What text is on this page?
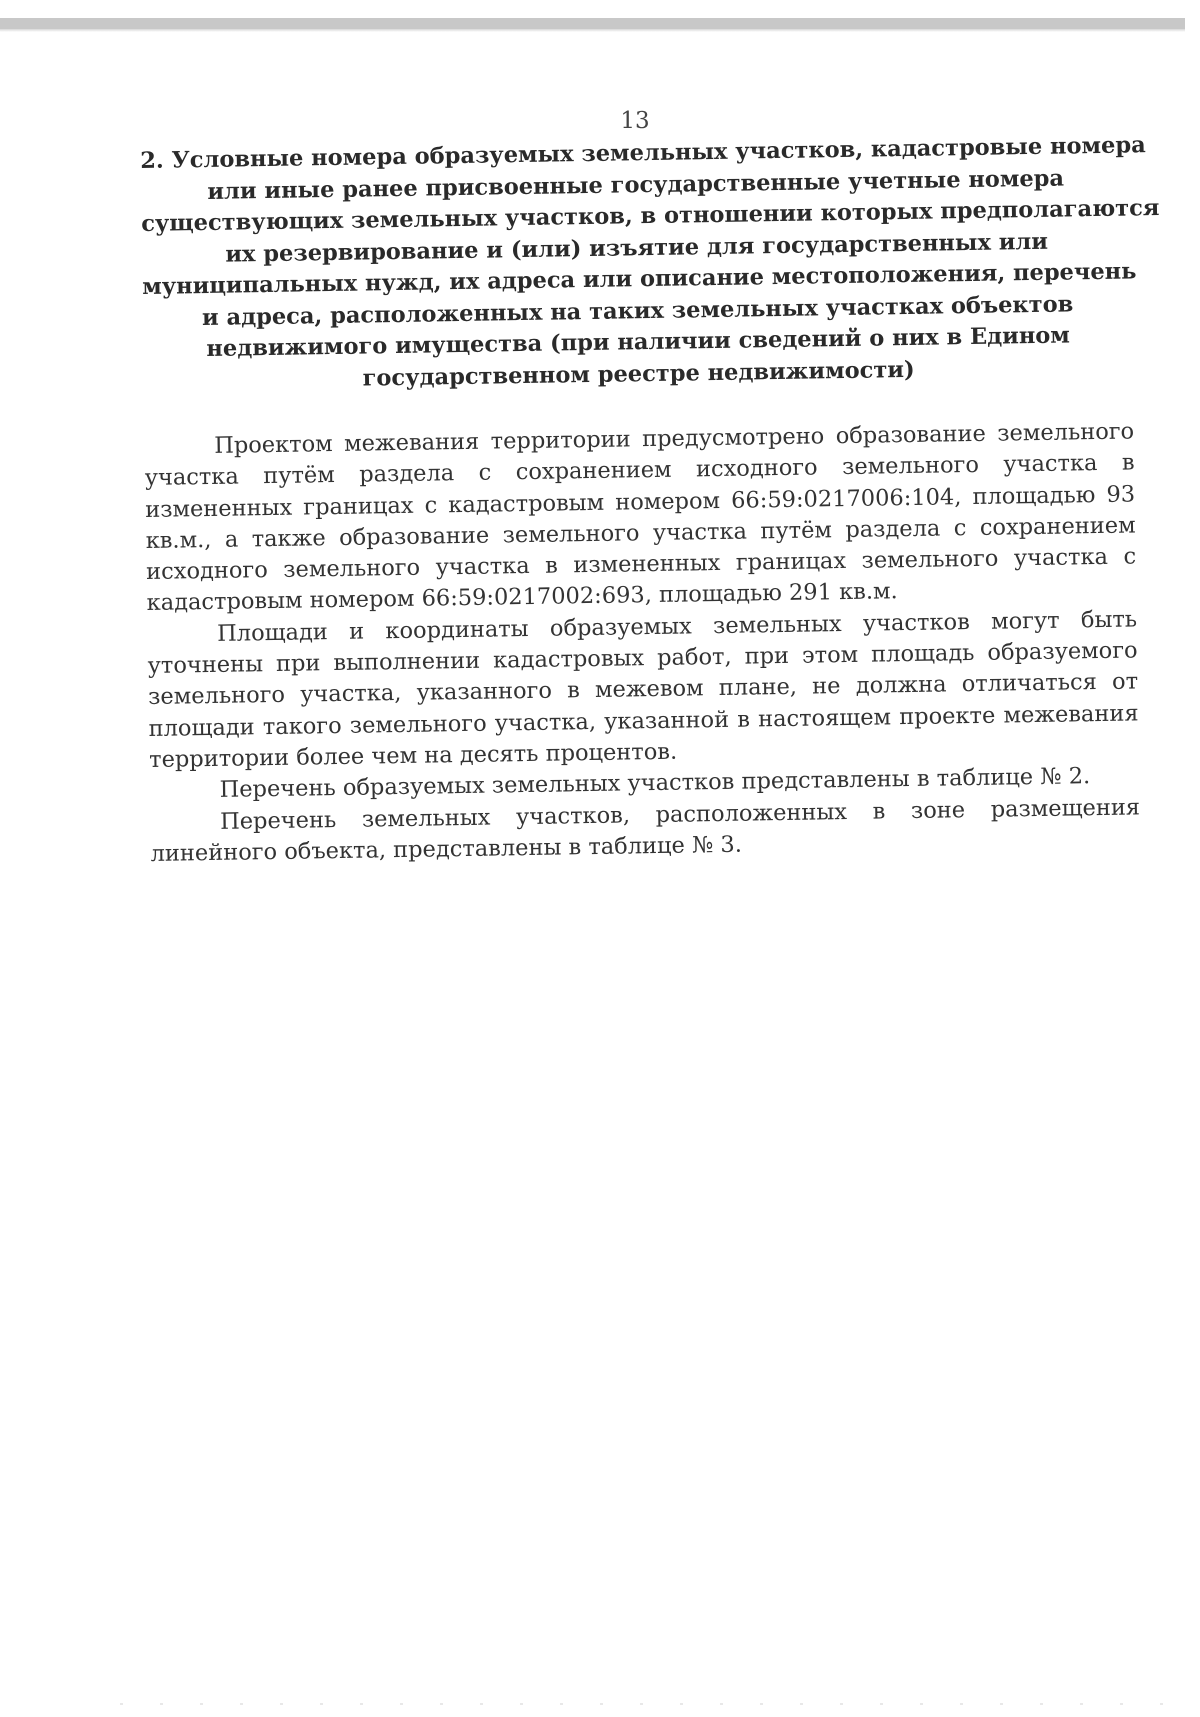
13
2. Условные номера образуемых земельных участков, кадастровые номера
или иные ранее присвоенные государственные учетные номера
существующих земельных участков, в отношении которых предполагаются
их резервирование и (или) изъятие для государственных или
муниципальных нужд, их адреса или описание местоположения, перечень
и адреса, расположенных на таких земельных участках объектов
недвижимого имущества (при наличии сведений о них в Едином
государственном реестре недвижимости)

Проектом межевания территории предусмотрено образование земельного участка путём раздела с сохранением исходного земельного участка в измененных границах с кадастровым номером 66:59:0217006:104, площадью 93 кв.м., а также образование земельного участка путём раздела с сохранением исходного земельного участка в измененных границах земельного участка с кадастровым номером 66:59:0217002:693, площадью 291 кв.м.

Площади и координаты образуемых земельных участков могут быть уточнены при выполнении кадастровых работ, при этом площадь образуемого земельного участка, указанного в межевом плане, не должна отличаться от площади такого земельного участка, указанной в настоящем проекте межевания территории более чем на десять процентов.

Перечень образуемых земельных участков представлены в таблице № 2.

Перечень земельных участков, расположенных в зоне размещения линейного объекта, представлены в таблице № 3.
